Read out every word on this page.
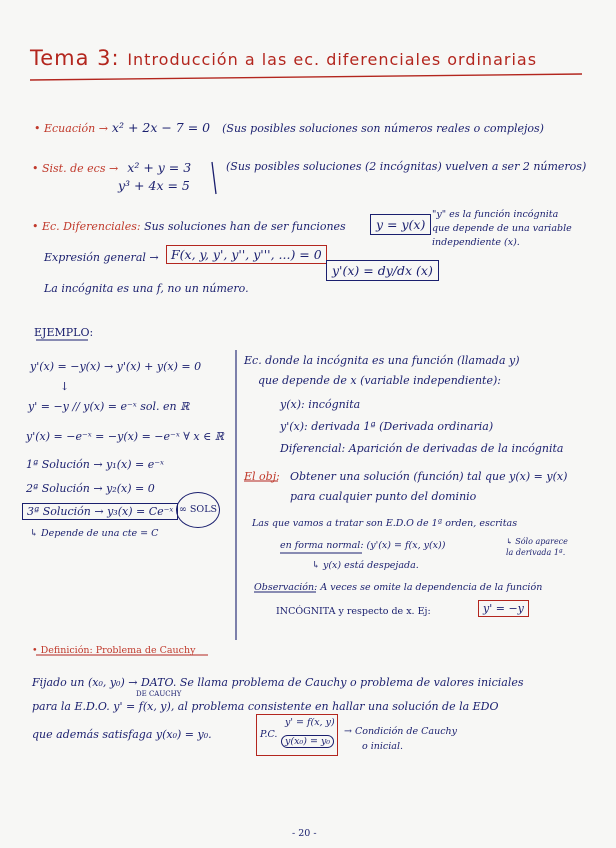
Tema 3: Introducción a las ec. diferenciales ordinarias
• Ecuación → x² + 2x − 7 = 0 (Sus posibles soluciones son números reales o complejos)
• Sist. de ecs → x² + y = 3
y³ + 4x = 5
(Sus posibles soluciones (2 incógnitas) vuelven a ser 2 números)
• Ec. Diferenciales: Sus soluciones han de ser funciones	y = y(x)
"y" es la función incógnita
que depende de una variable
independiente (x).
Expresión general → F(x, y, y', y'', y''', ...) = 0
y'(x) = dy/dx (x)
La incógnita es una f, no un número.
EJEMPLO:
y'(x) = −y(x) → y'(x) + y(x) = 0
↓
y' = −y // y(x) = e⁻ˣ sol. en ℝ
y'(x) = −e⁻ˣ = −y(x) = −e⁻ˣ ∀ x ∈ ℝ
1ª Solución → y₁(x) = e⁻ˣ
2ª Solución → y₂(x) = 0
3ª Solución → y₃(x) = Ce⁻ˣ
↳ Depende de una cte = C
∞ SOLS
Ec. donde la incógnita es una función (llamada y)
que depende de x (variable independiente):
y(x): incógnita
y'(x): derivada 1ª (Derivada ordinaria)
Diferencial: Aparición de derivadas de la incógnita
El obj: Obtener una solución (función) tal que y(x) = y(x)
para cualquier punto del dominio
Las que vamos a tratar son E.D.O de 1ª orden, escritas
en forma normal: (y'(x) = f(x, y(x))
↳ y(x) está despejada.
↳ Sólo aparece
la derivada 1ª.
Observación: A veces se omite la dependencia de la función
INCÓGNITA y respecto de x. Ej:	y' = −y
• Definición: Problema de Cauchy
Fijado un (x₀, y₀) → DATO. Se llama problema de Cauchy o problema de valores iniciales
DE CAUCHY
para la E.D.O. y' = f(x, y), al problema consistente en hallar una solución de la EDO
que además satisfaga y(x₀) = y₀.	P.C.
y' = f(x, y)
y(x₀) = y₀
→ Condición de Cauchy
o inicial.
- 20 -
